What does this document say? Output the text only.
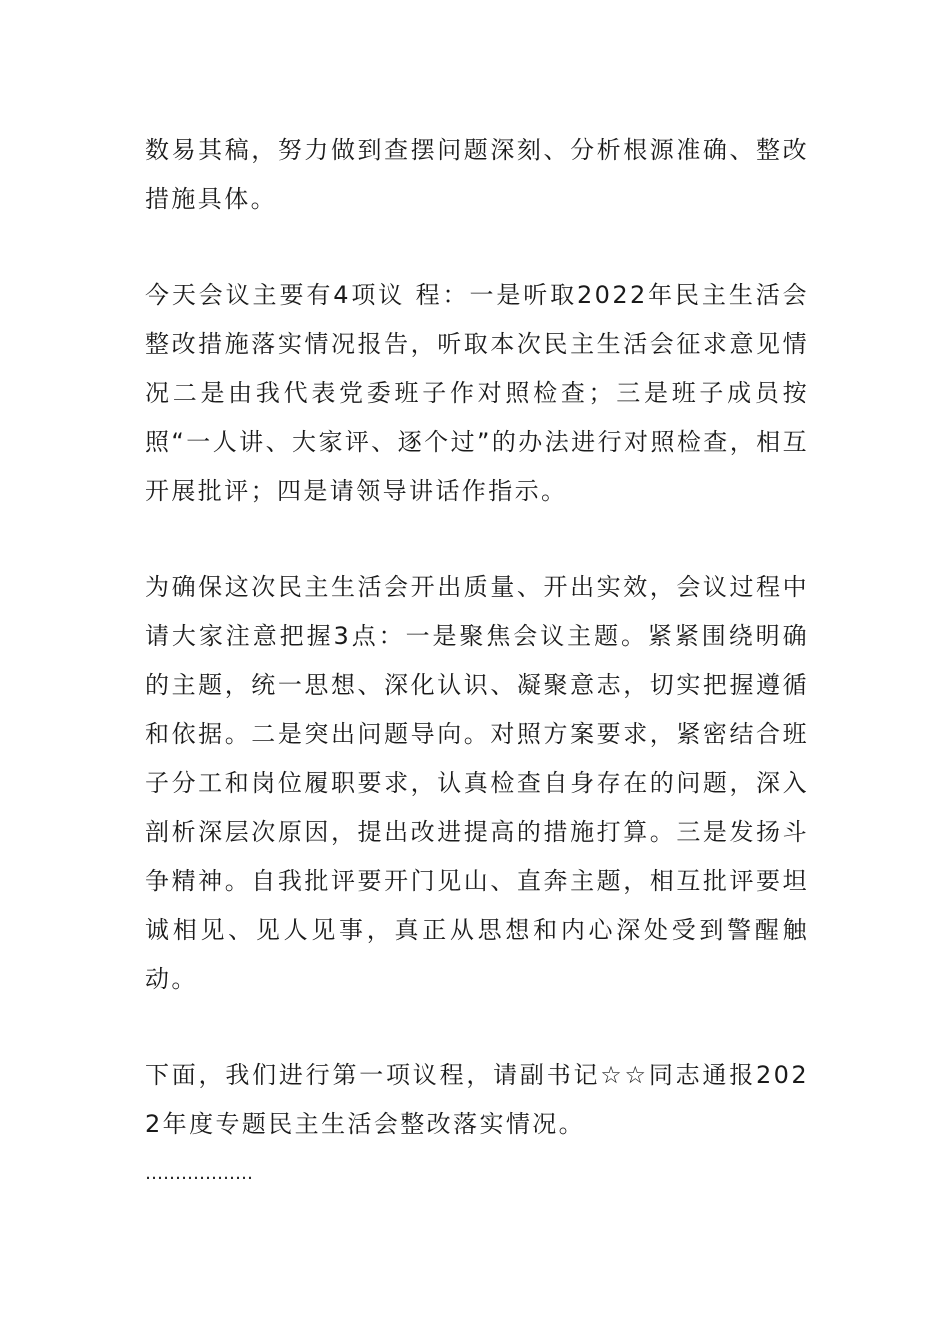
数易其稿，努力做到查摆问题深刻、分析根源准确、整改措施具体。

今天会议主要有4项议 程：一是听取2022年民主生活会整改措施落实情况报告，听取本次民主生活会征求意见情况二是由我代表党委班子作对照检查；三是班子成员按照“一人讲、大家评、逐个过”的办法进行对照检查，相互开展批评；四是请领导讲话作指示。

为确保这次民主生活会开出质量、开出实效，会议过程中请大家注意把握3点：一是聚焦会议主题。紧紧围绕明确的主题，统一思想、深化认识、凝聚意志，切实把握遵循和依据。二是突出问题导向。对照方案要求，紧密结合班子分工和岗位履职要求，认真检查自身存在的问题，深入剖析深层次原因，提出改进提高的措施打算。三是发扬斗争精神。自我批评要开门见山、直奔主题，相互批评要坦诚相见、见人见事，真正从思想和内心深处受到警醒触动。

下面，我们进行第一项议程，请副书记☆☆同志通报2022年度专题民主生活会整改落实情况。

………………
